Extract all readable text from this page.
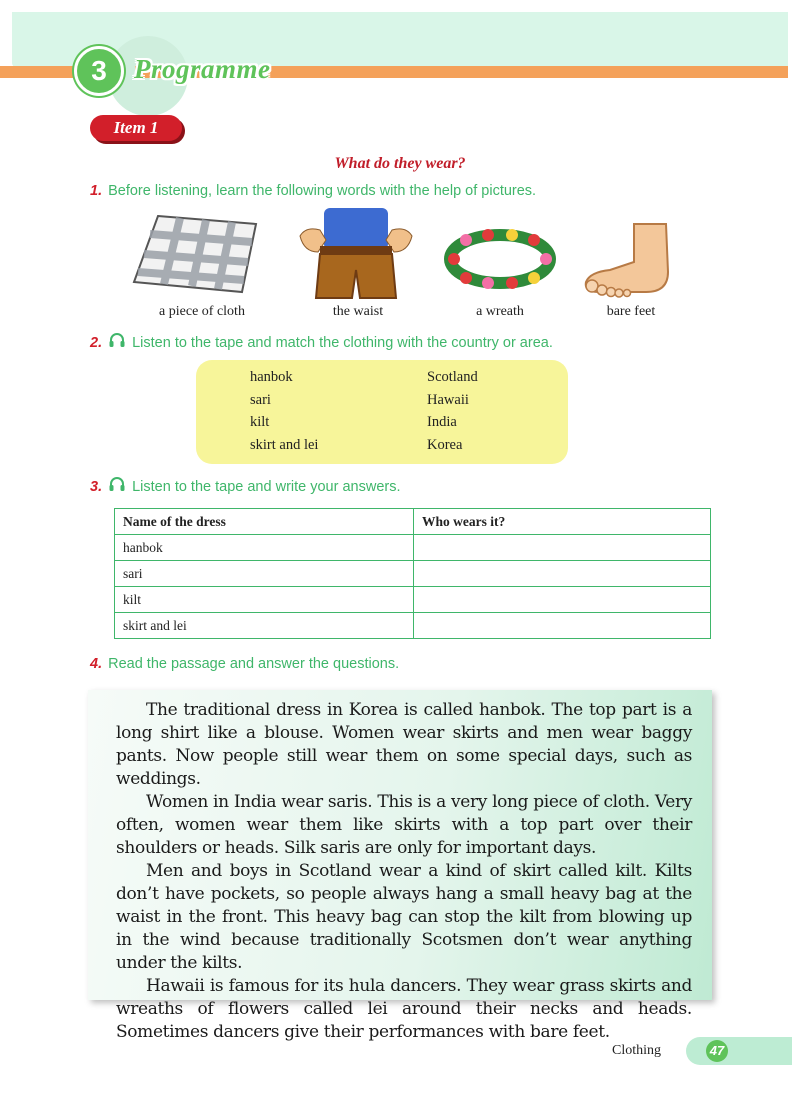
3	Programme
Item 1
What do they wear?
1. Before listening, learn the following words with the help of pictures.
a piece of cloth	the waist	a wreath	bare feet
2. Listen to the tape and match the clothing with the country or area.
hanbok
sari
kilt
skirt and lei
Scotland
Hawaii
India
Korea
3. Listen to the tape and write your answers.
Name of the dress	Who wears it?
hanbok	
sari	
kilt	
skirt and lei	
4. Read the passage and answer the questions.

The traditional dress in Korea is called hanbok. The top part is a long shirt like a blouse. Women wear skirts and men wear baggy pants. Now people still wear them on some special days, such as weddings.

Women in India wear saris. This is a very long piece of cloth. Very often, women wear them like skirts with a top part over their shoulders or heads. Silk saris are only for important days.

Men and boys in Scotland wear a kind of skirt called kilt. Kilts don’t have pockets, so people always hang a small heavy bag at the waist in the front. This heavy bag can stop the kilt from blowing up in the wind because traditionally Scotsmen don’t wear anything under the kilts.

Hawaii is famous for its hula dancers. They wear grass skirts and wreaths of flowers called lei around their necks and heads. Sometimes dancers give their performances with bare feet.

Clothing	47
